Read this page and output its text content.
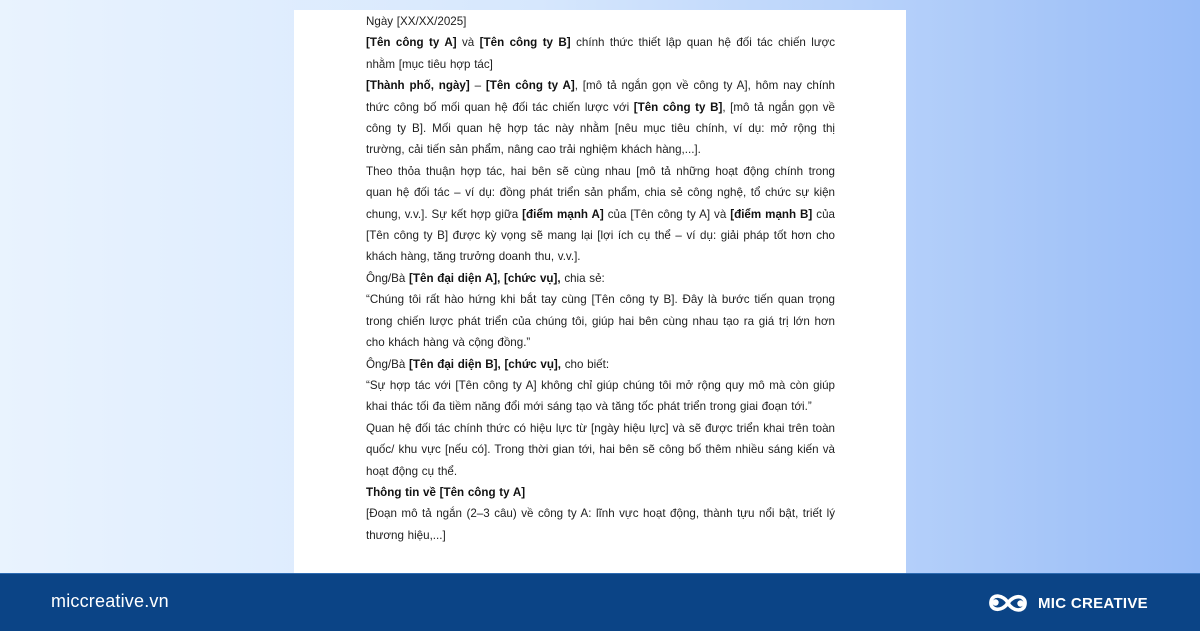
Ngày [XX/XX/2025]

[Tên công ty A] và [Tên công ty B] chính thức thiết lập quan hệ đối tác chiến lược nhằm [mục tiêu hợp tác]

[Thành phố, ngày] – [Tên công ty A], [mô tả ngắn gọn về công ty A], hôm nay chính thức công bố mối quan hệ đối tác chiến lược với [Tên công ty B], [mô tả ngắn gọn về công ty B]. Mối quan hệ hợp tác này nhằm [nêu mục tiêu chính, ví dụ: mở rộng thị trường, cải tiến sản phẩm, nâng cao trải nghiệm khách hàng,...].

Theo thỏa thuận hợp tác, hai bên sẽ cùng nhau [mô tả những hoạt động chính trong quan hệ đối tác – ví dụ: đồng phát triển sản phẩm, chia sẻ công nghệ, tổ chức sự kiện chung, v.v.]. Sự kết hợp giữa [điểm mạnh A] của [Tên công ty A] và [điểm mạnh B] của [Tên công ty B] được kỳ vọng sẽ mang lại [lợi ích cụ thể – ví dụ: giải pháp tốt hơn cho khách hàng, tăng trưởng doanh thu, v.v.].

Ông/Bà [Tên đại diện A], [chức vụ], chia sẻ:

“Chúng tôi rất hào hứng khi bắt tay cùng [Tên công ty B]. Đây là bước tiến quan trọng trong chiến lược phát triển của chúng tôi, giúp hai bên cùng nhau tạo ra giá trị lớn hơn cho khách hàng và cộng đồng.”

Ông/Bà [Tên đại diện B], [chức vụ], cho biết:

“Sự hợp tác với [Tên công ty A] không chỉ giúp chúng tôi mở rộng quy mô mà còn giúp khai thác tối đa tiềm năng đổi mới sáng tạo và tăng tốc phát triển trong giai đoạn tới.”

Quan hệ đối tác chính thức có hiệu lực từ [ngày hiệu lực] và sẽ được triển khai trên toàn quốc/ khu vực [nếu có]. Trong thời gian tới, hai bên sẽ công bố thêm nhiều sáng kiến và hoạt động cụ thể.

Thông tin về [Tên công ty A]

[Đoạn mô tả ngắn (2–3 câu) về công ty A: lĩnh vực hoạt động, thành tựu nổi bật, triết lý thương hiệu,...]

miccreative.vn	MIC CREATIVE
